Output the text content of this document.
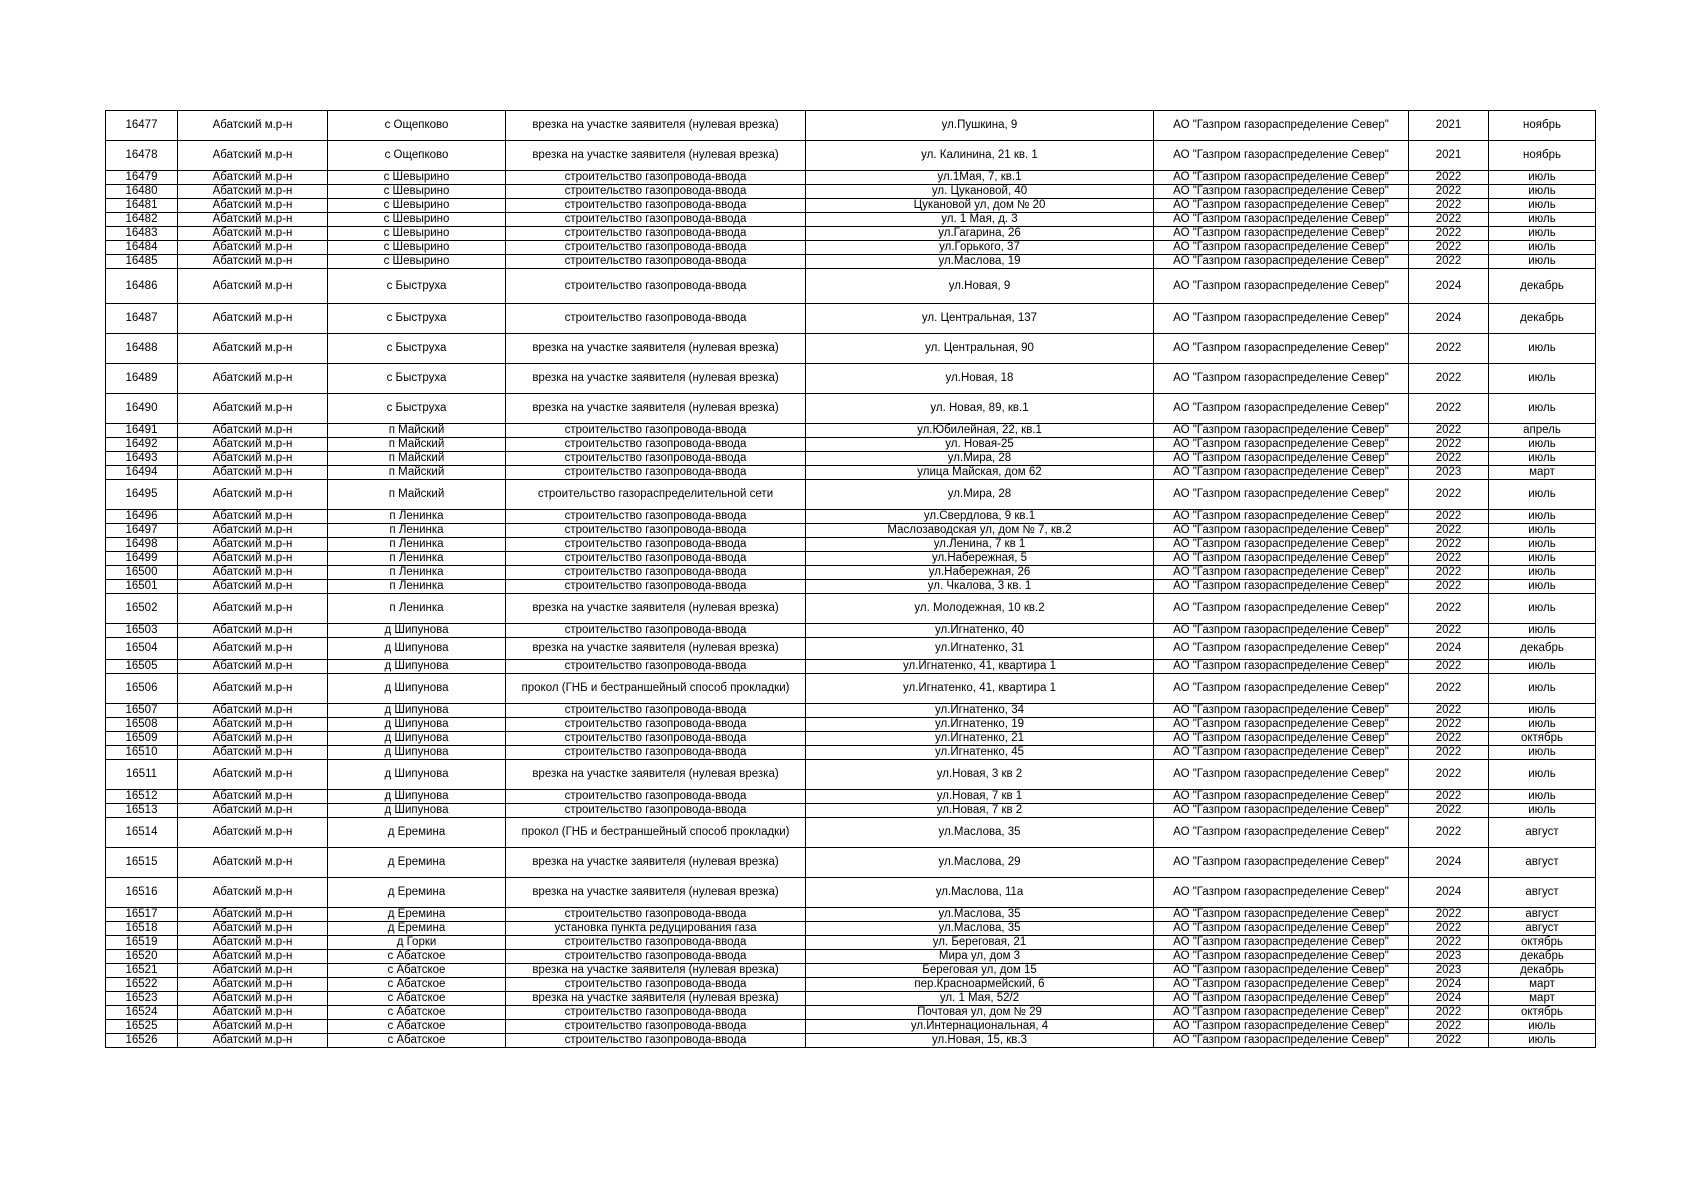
16477	Абатский м.р-н	с Ощепково	врезка на участке заявителя (нулевая врезка)	ул.Пушкина, 9	АО "Газпром газораспределение Север"	2021	ноябрь
16478	Абатский м.р-н	с Ощепково	врезка на участке заявителя (нулевая врезка)	ул. Калинина, 21 кв. 1	АО "Газпром газораспределение Север"	2021	ноябрь
16479	Абатский м.р-н	с Шевырино	строительство газопровода-ввода	ул.1Мая, 7, кв.1	АО "Газпром газораспределение Север"	2022	июль
16480	Абатский м.р-н	с Шевырино	строительство газопровода-ввода	ул. Цукановой, 40	АО "Газпром газораспределение Север"	2022	июль
16481	Абатский м.р-н	с Шевырино	строительство газопровода-ввода	Цукановой ул, дом № 20	АО "Газпром газораспределение Север"	2022	июль
16482	Абатский м.р-н	с Шевырино	строительство газопровода-ввода	ул. 1 Мая, д. 3	АО "Газпром газораспределение Север"	2022	июль
16483	Абатский м.р-н	с Шевырино	строительство газопровода-ввода	ул.Гагарина, 26	АО "Газпром газораспределение Север"	2022	июль
16484	Абатский м.р-н	с Шевырино	строительство газопровода-ввода	ул.Горького, 37	АО "Газпром газораспределение Север"	2022	июль
16485	Абатский м.р-н	с Шевырино	строительство газопровода-ввода	ул.Маслова, 19	АО "Газпром газораспределение Север"	2022	июль
16486	Абатский м.р-н	с Быструха	строительство газопровода-ввода	ул.Новая, 9	АО "Газпром газораспределение Север"	2024	декабрь
16487	Абатский м.р-н	с Быструха	строительство газопровода-ввода	ул. Центральная, 137	АО "Газпром газораспределение Север"	2024	декабрь
16488	Абатский м.р-н	с Быструха	врезка на участке заявителя (нулевая врезка)	ул. Центральная, 90	АО "Газпром газораспределение Север"	2022	июль
16489	Абатский м.р-н	с Быструха	врезка на участке заявителя (нулевая врезка)	ул.Новая, 18	АО "Газпром газораспределение Север"	2022	июль
16490	Абатский м.р-н	с Быструха	врезка на участке заявителя (нулевая врезка)	ул. Новая, 89, кв.1	АО "Газпром газораспределение Север"	2022	июль
16491	Абатский м.р-н	п Майский	строительство газопровода-ввода	ул.Юбилейная, 22, кв.1	АО "Газпром газораспределение Север"	2022	апрель
16492	Абатский м.р-н	п Майский	строительство газопровода-ввода	ул. Новая-25	АО "Газпром газораспределение Север"	2022	июль
16493	Абатский м.р-н	п Майский	строительство газопровода-ввода	ул.Мира, 28	АО "Газпром газораспределение Север"	2022	июль
16494	Абатский м.р-н	п Майский	строительство газопровода-ввода	улица Майская, дом 62	АО "Газпром газораспределение Север"	2023	март
16495	Абатский м.р-н	п Майский	строительство газораспределительной сети	ул.Мира, 28	АО "Газпром газораспределение Север"	2022	июль
16496	Абатский м.р-н	п Ленинка	строительство газопровода-ввода	ул.Свердлова, 9 кв.1	АО "Газпром газораспределение Север"	2022	июль
16497	Абатский м.р-н	п Ленинка	строительство газопровода-ввода	Маслозаводская ул, дом № 7, кв.2	АО "Газпром газораспределение Север"	2022	июль
16498	Абатский м.р-н	п Ленинка	строительство газопровода-ввода	ул.Ленина, 7 кв 1	АО "Газпром газораспределение Север"	2022	июль
16499	Абатский м.р-н	п Ленинка	строительство газопровода-ввода	ул.Набережная, 5	АО "Газпром газораспределение Север"	2022	июль
16500	Абатский м.р-н	п Ленинка	строительство газопровода-ввода	ул.Набережная, 26	АО "Газпром газораспределение Север"	2022	июль
16501	Абатский м.р-н	п Ленинка	строительство газопровода-ввода	ул. Чкалова, 3 кв. 1	АО "Газпром газораспределение Север"	2022	июль
16502	Абатский м.р-н	п Ленинка	врезка на участке заявителя (нулевая врезка)	ул. Молодежная, 10 кв.2	АО "Газпром газораспределение Север"	2022	июль
16503	Абатский м.р-н	д Шипунова	строительство газопровода-ввода	ул.Игнатенко, 40	АО "Газпром газораспределение Север"	2022	июль
16504	Абатский м.р-н	д Шипунова	врезка на участке заявителя (нулевая врезка)	ул.Игнатенко, 31	АО "Газпром газораспределение Север"	2024	декабрь
16505	Абатский м.р-н	д Шипунова	строительство газопровода-ввода	ул.Игнатенко, 41, квартира 1	АО "Газпром газораспределение Север"	2022	июль
16506	Абатский м.р-н	д Шипунова	прокол (ГНБ и бестраншейный способ прокладки)	ул.Игнатенко, 41, квартира 1	АО "Газпром газораспределение Север"	2022	июль
16507	Абатский м.р-н	д Шипунова	строительство газопровода-ввода	ул.Игнатенко, 34	АО "Газпром газораспределение Север"	2022	июль
16508	Абатский м.р-н	д Шипунова	строительство газопровода-ввода	ул.Игнатенко, 19	АО "Газпром газораспределение Север"	2022	июль
16509	Абатский м.р-н	д Шипунова	строительство газопровода-ввода	ул.Игнатенко, 21	АО "Газпром газораспределение Север"	2022	октябрь
16510	Абатский м.р-н	д Шипунова	строительство газопровода-ввода	ул.Игнатенко, 45	АО "Газпром газораспределение Север"	2022	июль
16511	Абатский м.р-н	д Шипунова	врезка на участке заявителя (нулевая врезка)	ул.Новая, 3 кв 2	АО "Газпром газораспределение Север"	2022	июль
16512	Абатский м.р-н	д Шипунова	строительство газопровода-ввода	ул.Новая, 7 кв 1	АО "Газпром газораспределение Север"	2022	июль
16513	Абатский м.р-н	д Шипунова	строительство газопровода-ввода	ул.Новая, 7 кв 2	АО "Газпром газораспределение Север"	2022	июль
16514	Абатский м.р-н	д Еремина	прокол (ГНБ и бестраншейный способ прокладки)	ул.Маслова, 35	АО "Газпром газораспределение Север"	2022	август
16515	Абатский м.р-н	д Еремина	врезка на участке заявителя (нулевая врезка)	ул.Маслова, 29	АО "Газпром газораспределение Север"	2024	август
16516	Абатский м.р-н	д Еремина	врезка на участке заявителя (нулевая врезка)	ул.Маслова, 11а	АО "Газпром газораспределение Север"	2024	август
16517	Абатский м.р-н	д Еремина	строительство газопровода-ввода	ул.Маслова, 35	АО "Газпром газораспределение Север"	2022	август
16518	Абатский м.р-н	д Еремина	установка пункта редуцирования газа	ул.Маслова, 35	АО "Газпром газораспределение Север"	2022	август
16519	Абатский м.р-н	д Горки	строительство газопровода-ввода	ул. Береговая, 21	АО "Газпром газораспределение Север"	2022	октябрь
16520	Абатский м.р-н	с Абатское	строительство газопровода-ввода	Мира ул, дом 3	АО "Газпром газораспределение Север"	2023	декабрь
16521	Абатский м.р-н	с Абатское	врезка на участке заявителя (нулевая врезка)	Береговая ул, дом 15	АО "Газпром газораспределение Север"	2023	декабрь
16522	Абатский м.р-н	с Абатское	строительство газопровода-ввода	пер.Красноармейский, 6	АО "Газпром газораспределение Север"	2024	март
16523	Абатский м.р-н	с Абатское	врезка на участке заявителя (нулевая врезка)	ул. 1 Мая, 52/2	АО "Газпром газораспределение Север"	2024	март
16524	Абатский м.р-н	с Абатское	строительство газопровода-ввода	Почтовая ул, дом № 29	АО "Газпром газораспределение Север"	2022	октябрь
16525	Абатский м.р-н	с Абатское	строительство газопровода-ввода	ул.Интернациональная, 4	АО "Газпром газораспределение Север"	2022	июль
16526	Абатский м.р-н	с Абатское	строительство газопровода-ввода	ул.Новая, 15, кв.3	АО "Газпром газораспределение Север"	2022	июль
